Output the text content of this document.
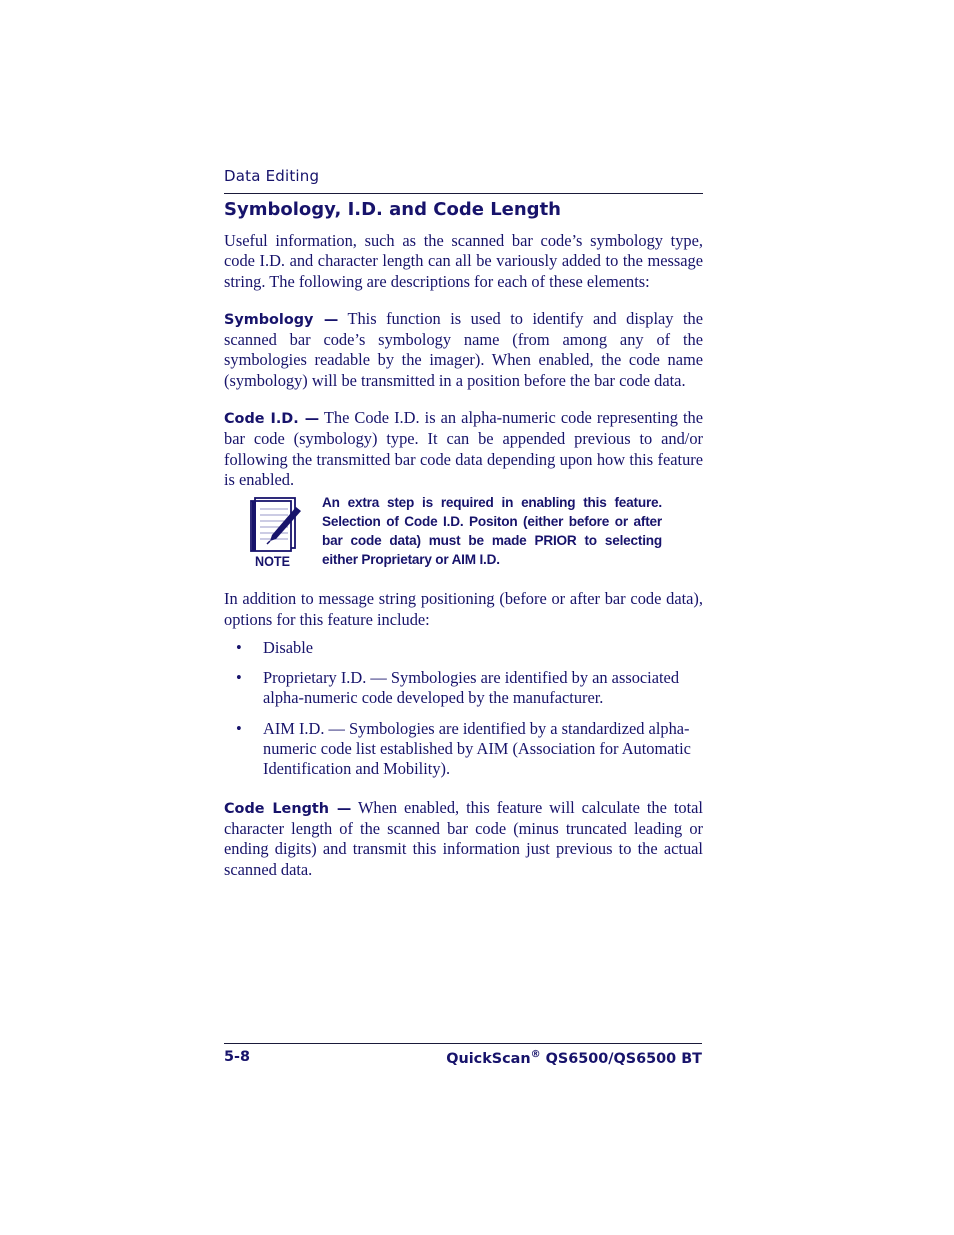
Data Editing
Symbology, I.D. and Code Length

Useful information, such as the scanned bar code’s symbology type, code I.D. and character length can all be variously added to the message string. The following are descriptions for each of these elements:

Symbology — This function is used to identify and display the scanned bar code’s symbology name (from among any of the symbologies readable by the imager). When enabled, the code name (symbology) will be transmitted in a position before the bar code data.

Code I.D. — The Code I.D. is an alpha-numeric code representing the bar code (symbology) type. It can be appended previous to and/or following the transmitted bar code data depending upon how this feature is enabled.

NOTE
An extra step is required in enabling this feature. Selection of Code I.D. Positon (either before or after bar code data) must be made PRIOR to selecting either Proprietary or AIM I.D.

In addition to message string positioning (before or after bar code data), options for this feature include:

• Disable
• Proprietary I.D. — Symbologies are identified by an associated alpha-numeric code developed by the manufacturer.
• AIM I.D. — Symbologies are identified by a standardized alpha-numeric code list established by AIM (Association for Automatic Identification and Mobility).

Code Length — When enabled, this feature will calculate the total character length of the scanned bar code (minus truncated leading or ending digits) and transmit this information just previous to the actual scanned data.

5-8	QuickScan® QS6500/QS6500 BT
